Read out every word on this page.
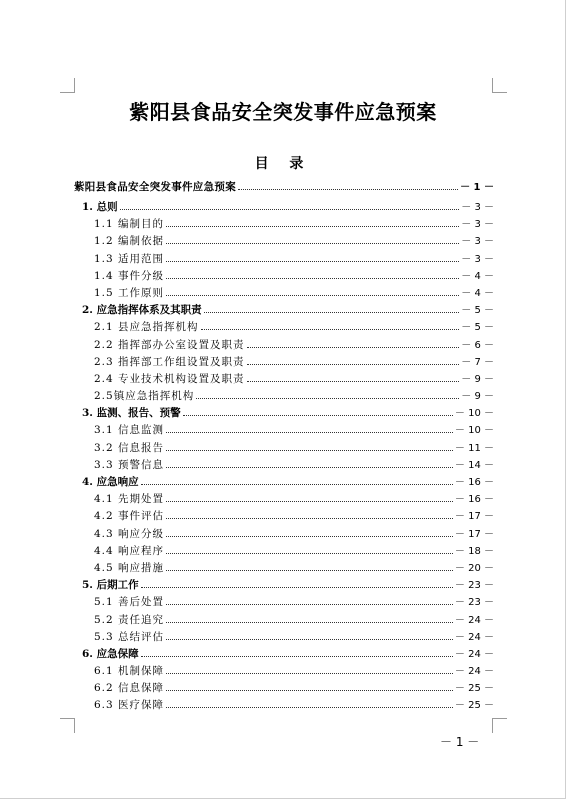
紫阳县食品安全突发事件应急预案
目 录
紫阳县食品安全突发事件应急预案	－ 1 －
1. 总则	－ 3 －
1.1 编制目的	－ 3 －
1.2 编制依据	－ 3 －
1.3 适用范围	－ 3 －
1.4 事件分级	－ 4 －
1.5 工作原则	－ 4 －
2. 应急指挥体系及其职责	－ 5 －
2.1 县应急指挥机构	－ 5 －
2.2 指挥部办公室设置及职责	－ 6 －
2.3 指挥部工作组设置及职责	－ 7 －
2.4 专业技术机构设置及职责	－ 9 －
2.5镇应急指挥机构	－ 9 －
3. 监测、报告、预警	－ 10 －
3.1 信息监测	－ 10 －
3.2 信息报告	－ 11 －
3.3 预警信息	－ 14 －
4. 应急响应	－ 16 －
4.1 先期处置	－ 16 －
4.2 事件评估	－ 17 －
4.3 响应分级	－ 17 －
4.4 响应程序	－ 18 －
4.5 响应措施	－ 20 －
5. 后期工作	－ 23 －
5.1 善后处置	－ 23 －
5.2 责任追究	－ 24 －
5.3 总结评估	－ 24 －
6. 应急保障	－ 24 －
6.1 机制保障	－ 24 －
6.2 信息保障	－ 25 －
6.3 医疗保障	－ 25 －
－ 1 －
